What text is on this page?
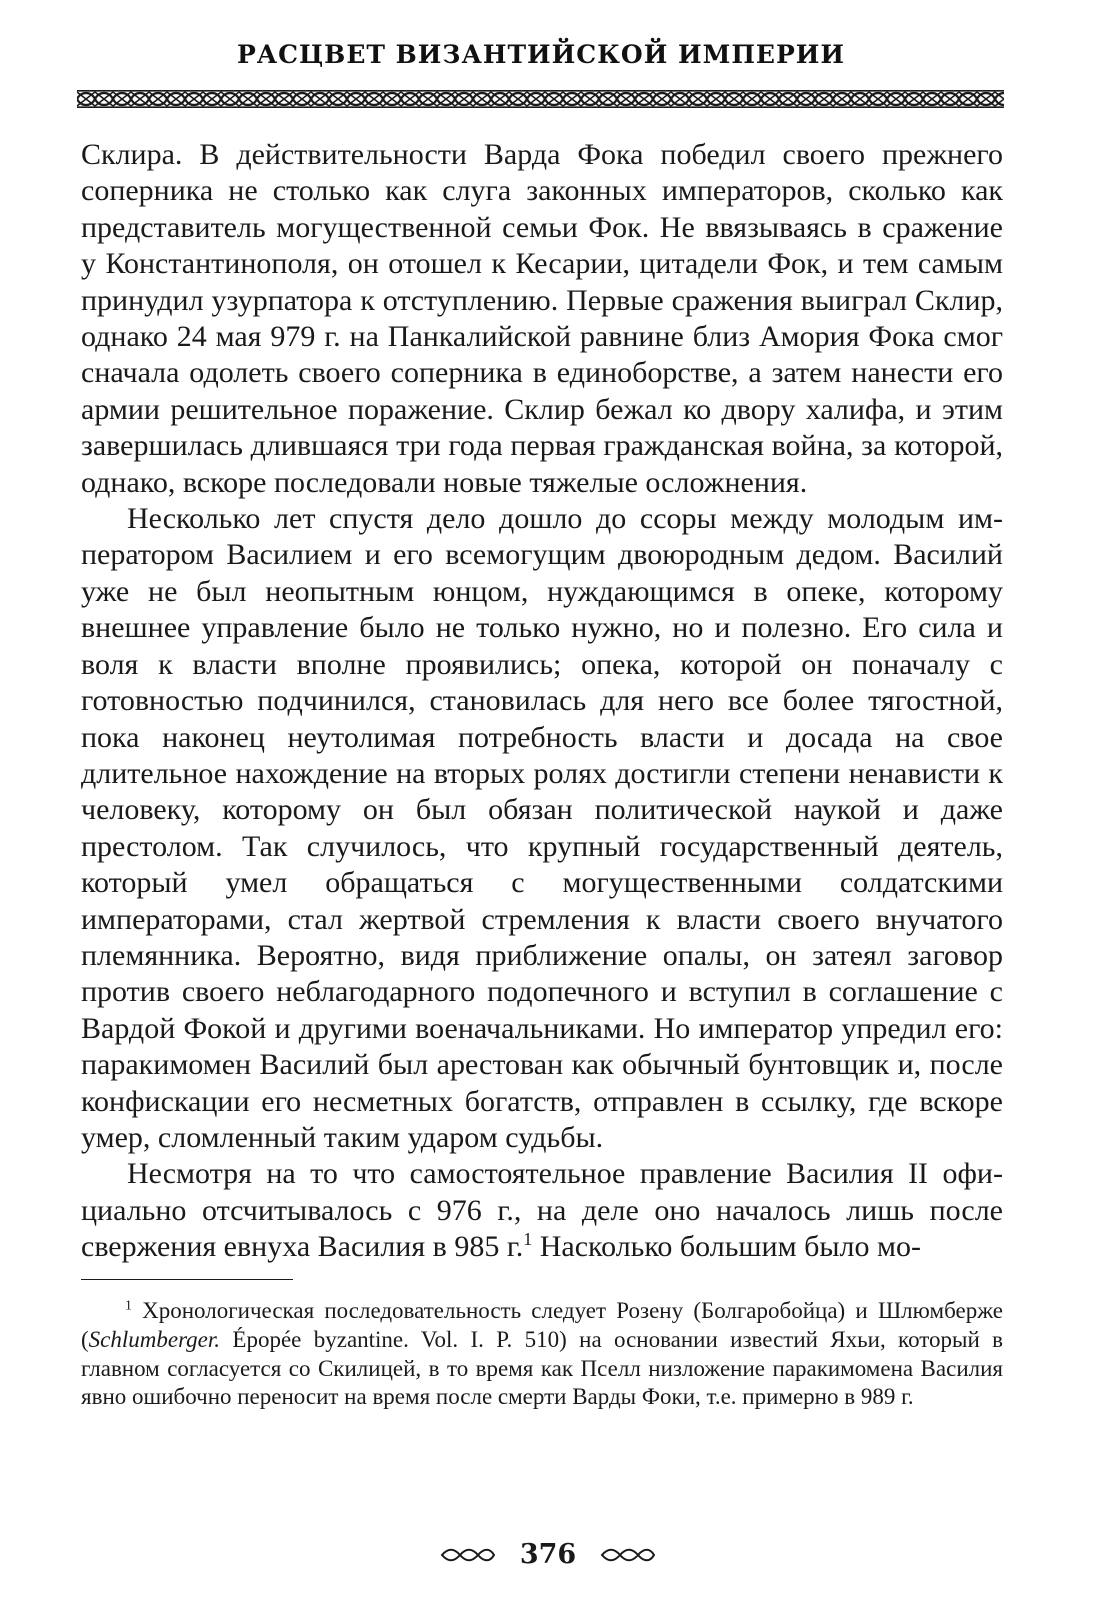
РАСЦВЕТ ВИЗАНТИЙСКОЙ ИМПЕРИИ

Склира. В действительности Варда Фока победил своего прежнего соперника не столько как слуга законных императоров, сколько как представитель могущественной семьи Фок. Не ввязываясь в сражение у Константинополя, он отошел к Кесарии, цитадели Фок, и тем самым принудил узурпатора к отступлению. Первые сражения выиграл Склир, однако 24 мая 979 г. на Панкалийской равнине близ Амория Фока смог сначала одолеть своего соперника в единоборстве, а затем нанести его армии решительное поражение. Склир бежал ко двору халифа, и этим завершилась длившаяся три года первая гражданская война, за которой, однако, вскоре последовали новые тяжелые осложнения.

Несколько лет спустя дело дошло до ссоры между молодым императором Василием и его всемогущим двоюродным дедом. Василий уже не был неопытным юнцом, нуждающимся в опеке, которому внешнее управление было не только нужно, но и полезно. Его сила и воля к власти вполне проявились; опека, которой он поначалу с готовностью подчинился, становилась для него все более тягостной, пока наконец неутолимая потребность власти и досада на свое длительное нахождение на вторых ролях достигли степени ненависти к человеку, которому он был обязан политической наукой и даже престолом. Так случилось, что крупный государственный деятель, который умел обращаться с могущественными солдатскими императорами, стал жертвой стремления к власти своего внучатого племянника. Вероятно, видя приближение опалы, он затеял заговор против своего неблагодарного подопечного и вступил в соглашение с Вардой Фокой и другими военачальниками. Но император упредил его: паракимомен Василий был арестован как обычный бунтовщик и, после конфискации его несметных богатств, отправлен в ссылку, где вскоре умер, сломленный таким ударом судьбы.

Несмотря на то что самостоятельное правление Василия II официально отсчитывалось с 976 г., на деле оно началось лишь после свержения евнуха Василия в 985 г.$^1$ Насколько большим было мо-

$^1$ Хронологическая последовательность следует Розену (Болгаробойца) и Шлюмберже (Schlumberger. Épopée byzantine. Vol. I. P. 510) на основании известий Яхьи, который в главном согласуется со Скилицей, в то время как Пселл низложение паракимомена Василия явно ошибочно переносит на время после смерти Варды Фоки, т.е. примерно в 989 г.

376
